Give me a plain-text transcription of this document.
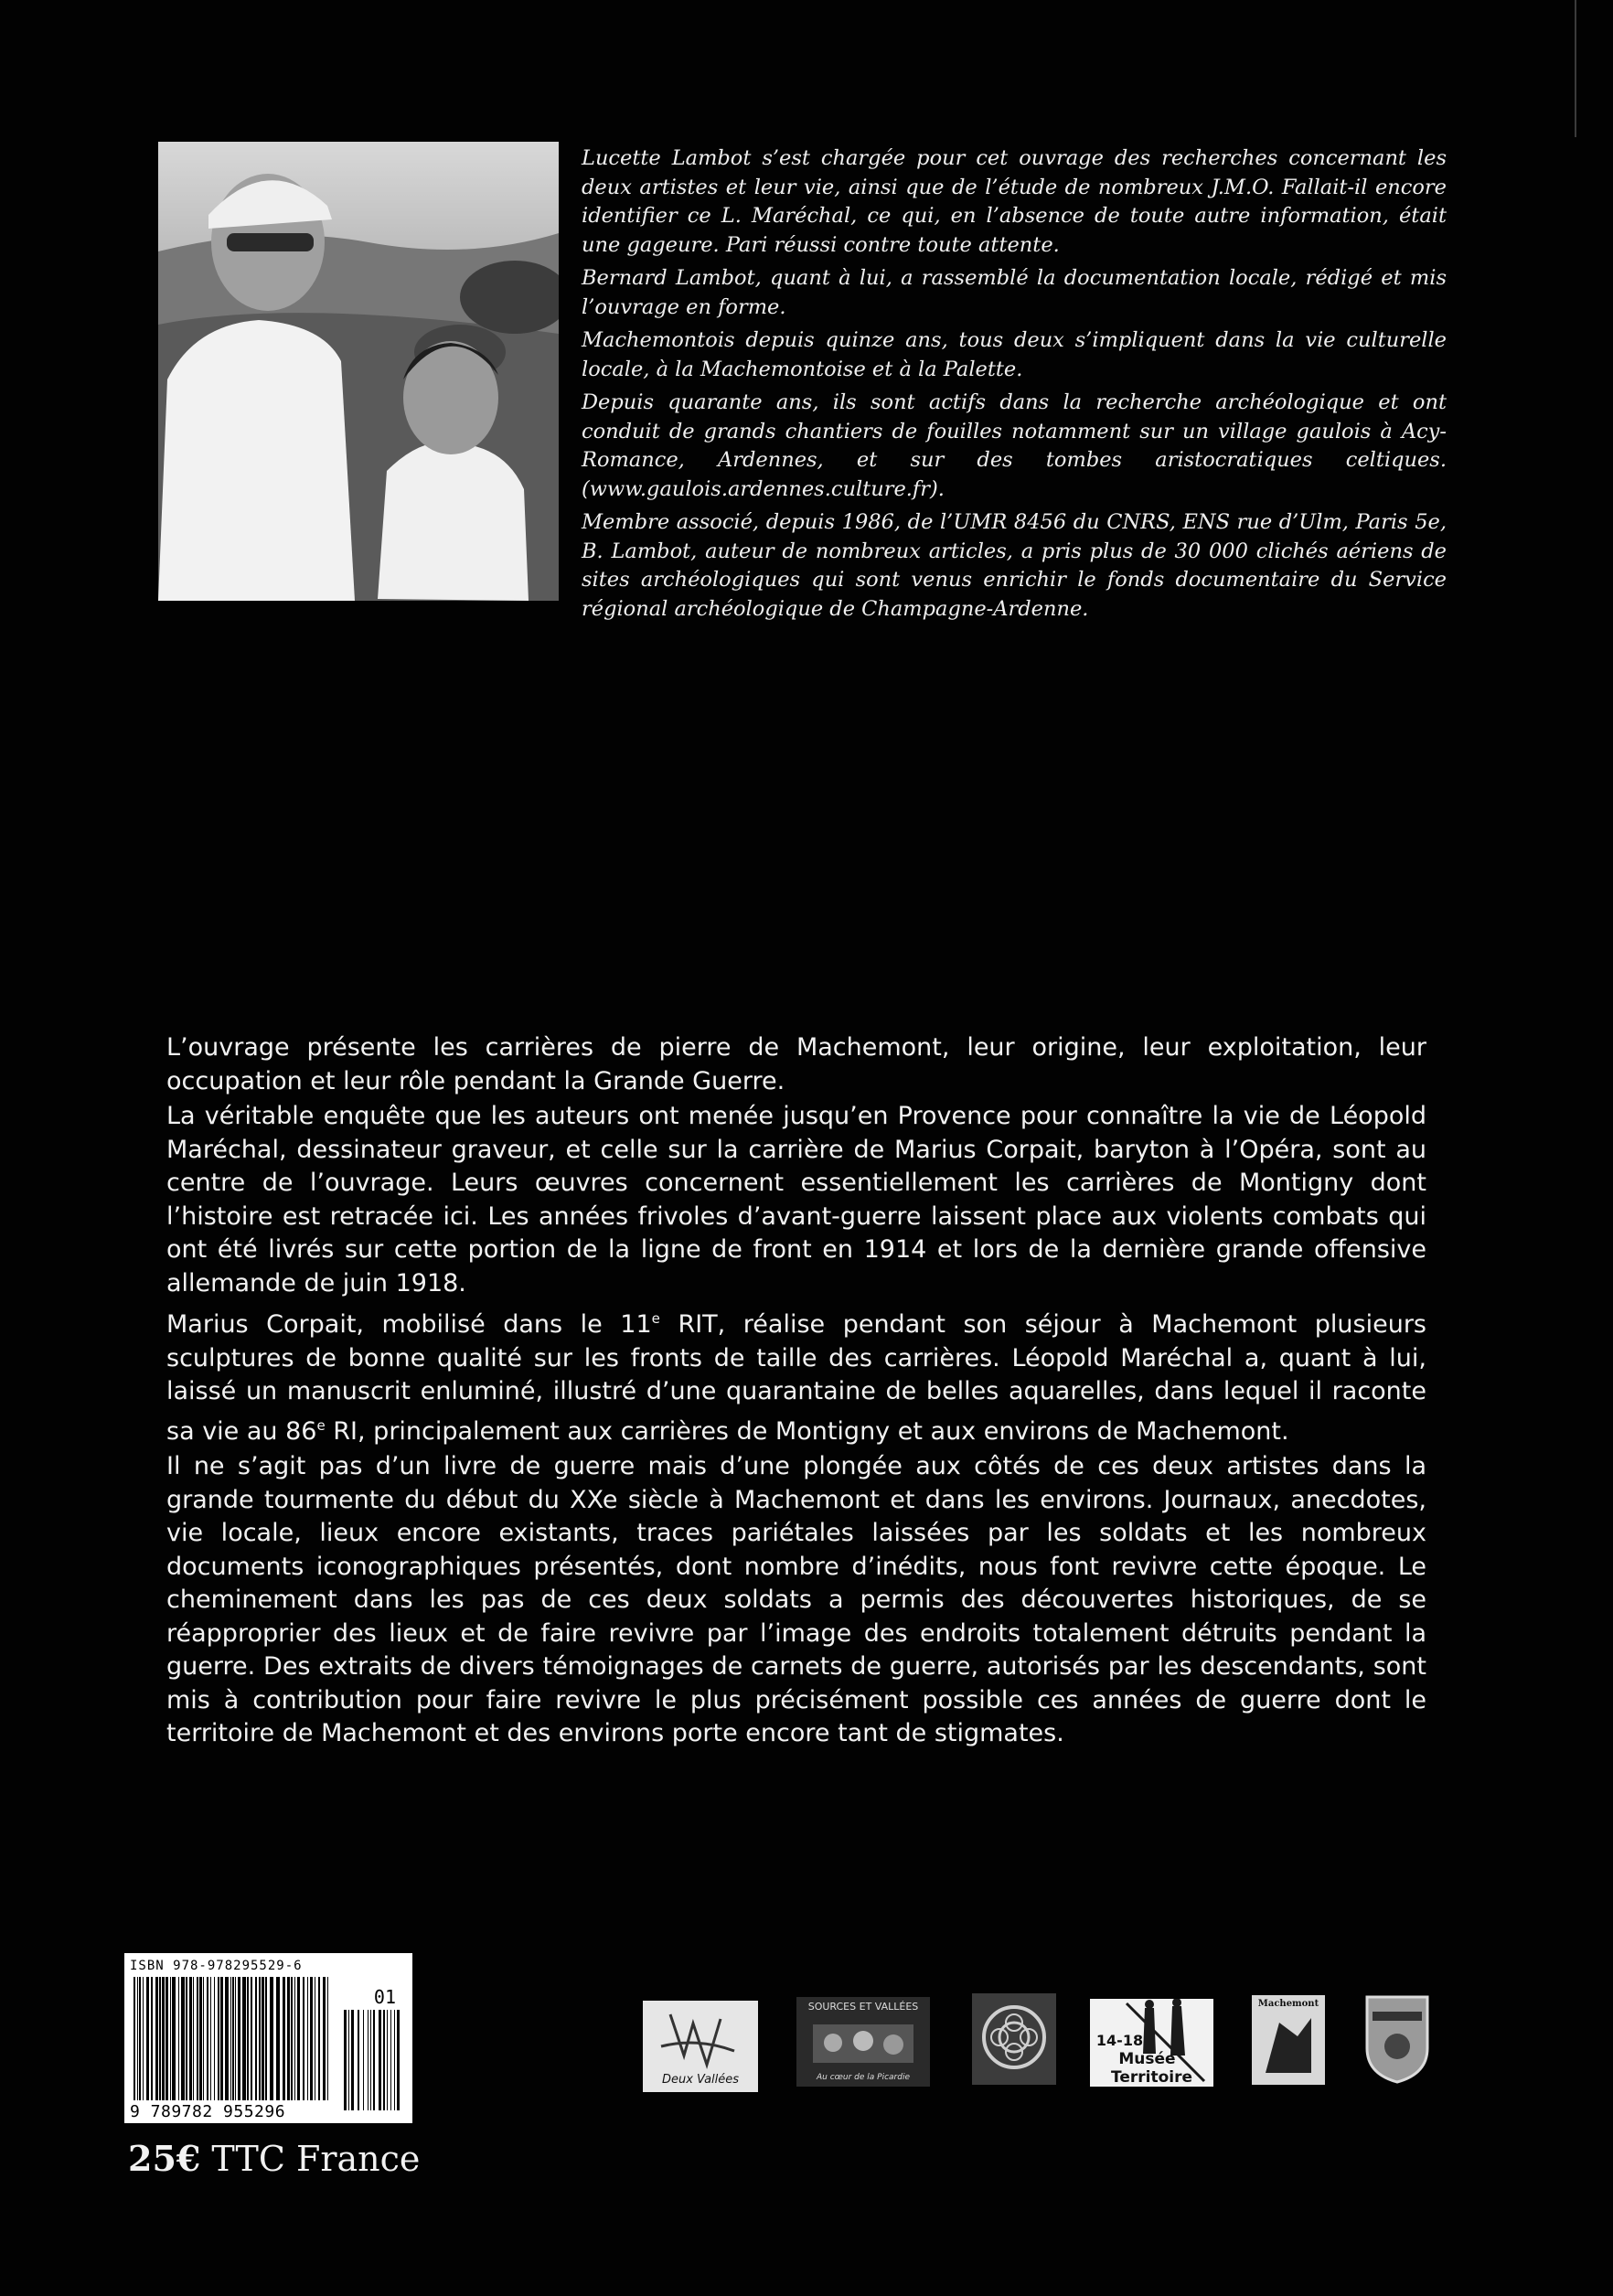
Lucette Lambot s’est chargée pour cet ouvrage des recherches concernant les deux artistes et leur vie, ainsi que de l’étude de nombreux J.M.O. Fallait-il encore identifier ce L. Maréchal, ce qui, en l’absence de toute autre information, était une gageure. Pari réussi contre toute attente.

Bernard Lambot, quant à lui, a rassemblé la documentation locale, rédigé et mis l’ouvrage en forme.

Machemontois depuis quinze ans, tous deux s’impliquent dans la vie culturelle locale, à la Machemontoise et à la Palette.

Depuis quarante ans, ils sont actifs dans la recherche archéologique et ont conduit de grands chantiers de fouilles notamment sur un village gaulois à Acy-Romance, Ardennes, et sur des tombes aristocratiques celtiques. (www.gaulois.ardennes.culture.fr).

Membre associé, depuis 1986, de l’UMR 8456 du CNRS, ENS rue d’Ulm, Paris 5e, B. Lambot, auteur de nombreux articles, a pris plus de 30 000 clichés aériens de sites archéologiques qui sont venus enrichir le fonds documentaire du Service régional archéologique de Champagne-Ardenne.

L’ouvrage présente les carrières de pierre de Machemont, leur origine, leur exploitation, leur occupation et leur rôle pendant la Grande Guerre.

La véritable enquête que les auteurs ont menée jusqu’en Provence pour connaître la vie de Léopold Maréchal, dessinateur graveur, et celle sur la carrière de Marius Corpait, baryton à l’Opéra, sont au centre de l’ouvrage. Leurs œuvres concernent essentiellement les carrières de Montigny dont l’histoire est retracée ici. Les années frivoles d’avant-guerre laissent place aux violents combats qui ont été livrés sur cette portion de la ligne de front en 1914 et lors de la dernière grande offensive allemande de juin 1918.

Marius Corpait, mobilisé dans le 11e RIT, réalise pendant son séjour à Machemont plusieurs sculptures de bonne qualité sur les fronts de taille des carrières. Léopold Maréchal a, quant à lui, laissé un manuscrit enluminé, illustré d’une quarantaine de belles aquarelles, dans lequel il raconte sa vie au 86e RI, principalement aux carrières de Montigny et aux environs de Machemont.

Il ne s’agit pas d’un livre de guerre mais d’une plongée aux côtés de ces deux artistes dans la grande tourmente du début du XXe siècle à Machemont et dans les environs. Journaux, anecdotes, vie locale, lieux encore existants, traces pariétales laissées par les soldats et les nombreux documents iconographiques présentés, dont nombre d’inédits, nous font revivre cette époque. Le cheminement dans les pas de ces deux soldats a permis des découvertes historiques, de se réapproprier des lieux et de faire revivre par l’image des endroits totalement détruits pendant la guerre. Des extraits de divers témoignages de carnets de guerre, autorisés par les descendants, sont mis à contribution pour faire revivre le plus précisément possible ces années de guerre dont le territoire de Machemont et des environs porte encore tant de stigmates.

ISBN 978-978295529-6
01
9 789782 955296
25€ TTC France
Deux Vallées
SOURCES ET VALLÉES
Au cœur de la Picardie
14-18
Musée
Territoire
Machemont
